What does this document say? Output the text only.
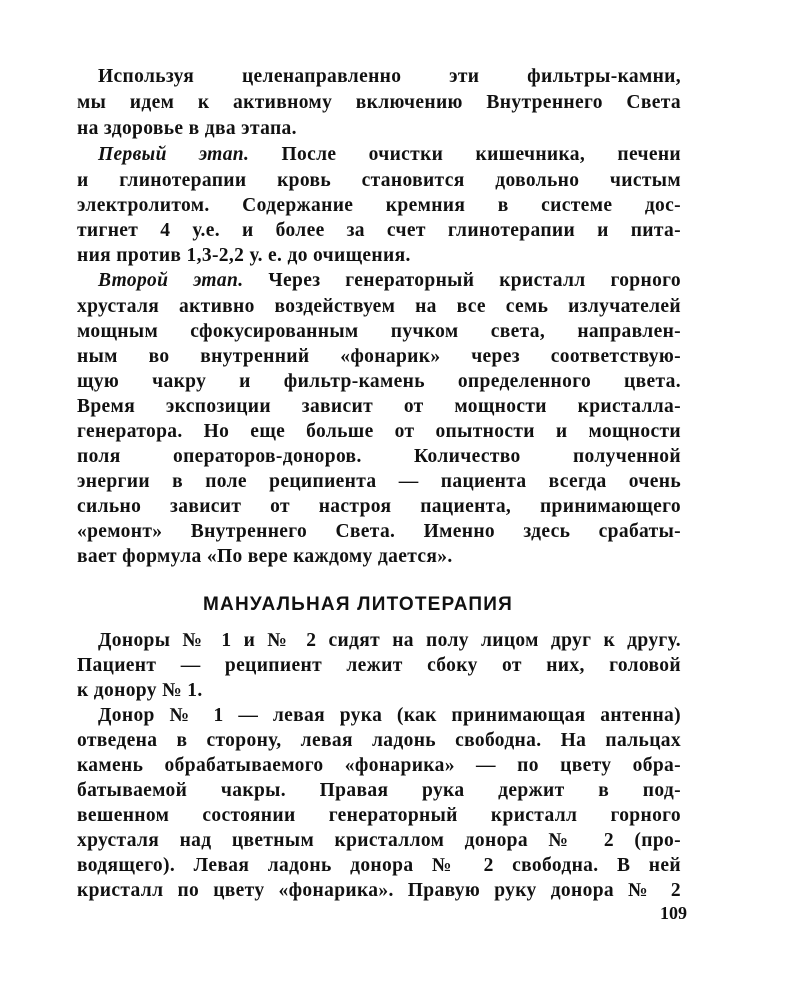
Используя целенаправленно эти фильтры-камни,
мы идем к активному включению Внутреннего Света
на здоровье в два этапа.
Первый этап. После очистки кишечника, печени
и глинотерапии кровь становится довольно чистым
электролитом. Содержание кремния в системе дос-
тигнет 4 у.е. и более за счет глинотерапии и пита-
ния против 1,3-2,2 у. е. до очищения.
Второй этап. Через генераторный кристалл горного
хрусталя активно воздействуем на все семь излучателей
мощным сфокусированным пучком света, направлен-
ным во внутренний «фонарик» через соответствую-
щую чакру и фильтр-камень определенного цвета.
Время экспозиции зависит от мощности кристалла-
генератора. Но еще больше от опытности и мощности
поля операторов-доноров. Количество полученной
энергии в поле реципиента — пациента всегда очень
сильно зависит от настроя пациента, принимающего
«ремонт» Внутреннего Света. Именно здесь срабаты-
вает формула «По вере каждому дается».
МАНУАЛЬНАЯ ЛИТОТЕРАПИЯ
Доноры № 1 и № 2 сидят на полу лицом друг к другу.
Пациент — реципиент лежит сбоку от них, головой
к донору № 1.
Донор № 1 — левая рука (как принимающая антенна)
отведена в сторону, левая ладонь свободна. На пальцах
камень обрабатываемого «фонарика» — по цвету обра-
батываемой чакры. Правая рука держит в под-
вешенном состоянии генераторный кристалл горного
хрусталя над цветным кристаллом донора № 2 (про-
водящего). Левая ладонь донора № 2 свободна. В ней
кристалл по цвету «фонарика». Правую руку донора № 2
109
